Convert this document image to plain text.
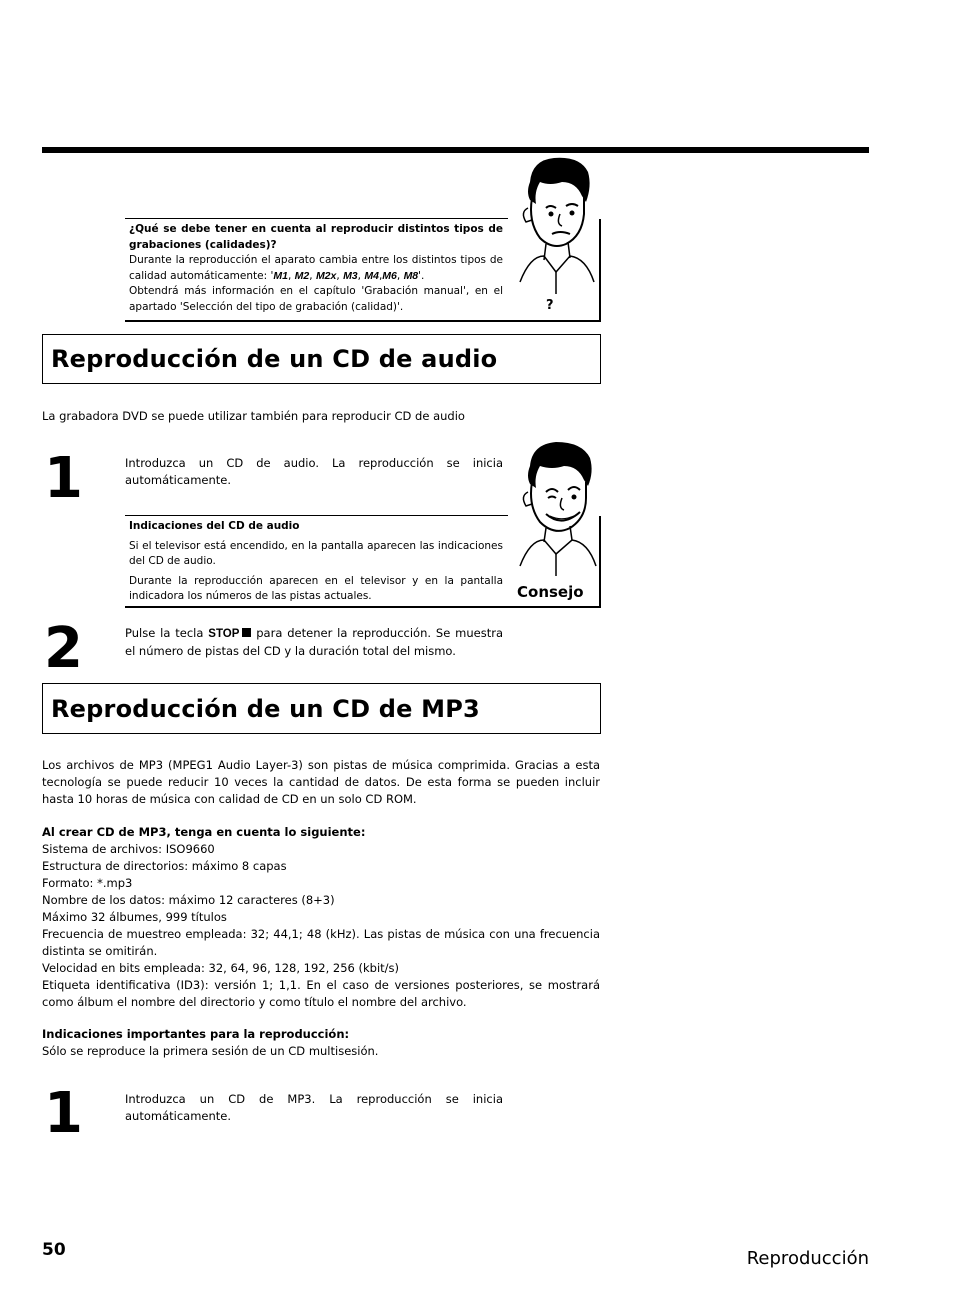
¿Qué se debe tener en cuenta al reproducir distintos tipos de grabaciones (calidades)?

Durante la reproducción el aparato cambia entre los distintos tipos de calidad automáticamente: 'M1, M2, M2x, M3, M4,M6, M8'.

Obtendrá más información en el capítulo 'Grabación manual', en el apartado 'Selección del tipo de grabación (calidad)'.	?
Reproducción de un CD de audio

La grabadora DVD se puede utilizar también para reproducir CD de audio

1	Introduzca un CD de audio. La reproducción se inicia automáticamente.

Indicaciones del CD de audio

Si el televisor está encendido, en la pantalla aparecen las indicaciones del CD de audio.

Durante la reproducción aparecen en el televisor y en la pantalla indicadora los números de las pistas actuales.	Consejo
2	Pulse la tecla STOP para detener la reproducción. Se muestra el número de pistas del CD y la duración total del mismo.

Reproducción de un CD de MP3

Los archivos de MP3 (MPEG1 Audio Layer-3) son pistas de música comprimida. Gracias a esta tecnología se puede reducir 10 veces la cantidad de datos. De esta forma se pueden incluir hasta 10 horas de música con calidad de CD en un solo CD ROM.

Al crear CD de MP3, tenga en cuenta lo siguiente:

Sistema de archivos: ISO9660

Estructura de directorios: máximo 8 capas

Formato: *.mp3

Nombre de los datos: máximo 12 caracteres (8+3)

Máximo 32 álbumes, 999 títulos

Frecuencia de muestreo empleada: 32; 44,1; 48 (kHz). Las pistas de música con una frecuencia distinta se omitirán.

Velocidad en bits empleada: 32, 64, 96, 128, 192, 256 (kbit/s)

Etiqueta identificativa (ID3): versión 1; 1,1. En el caso de versiones posteriores, se mostrará como álbum el nombre del directorio y como título el nombre del archivo.

Indicaciones importantes para la reproducción:

Sólo se reproduce la primera sesión de un CD multisesión.

1	Introduzca un CD de MP3. La reproducción se inicia automáticamente.

50	Reproducción
